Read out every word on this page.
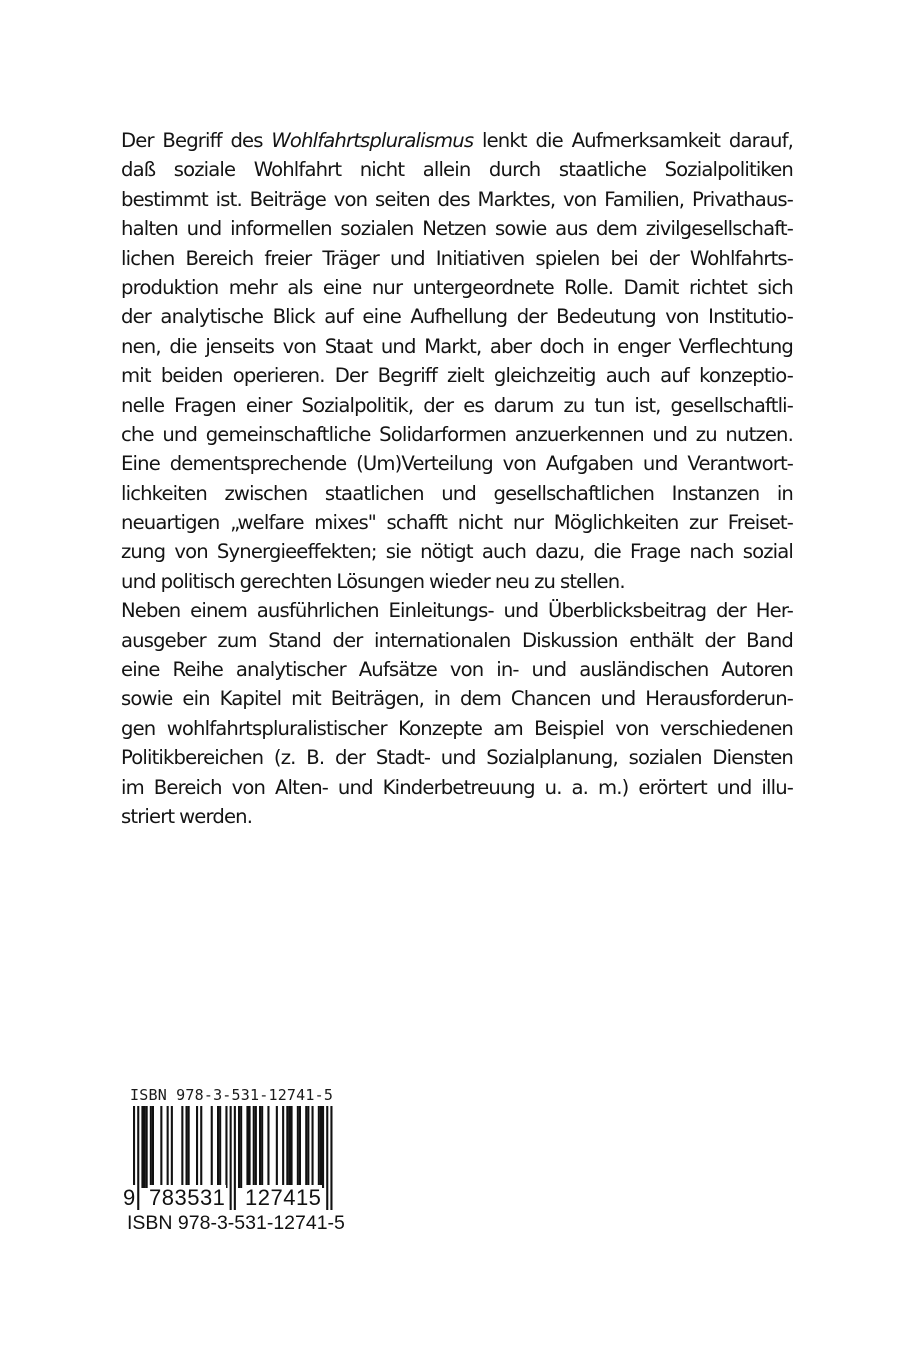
Der Begriff des Wohlfahrtspluralismus lenkt die Aufmerksamkeit darauf,
daß soziale Wohlfahrt nicht allein durch staatliche Sozialpolitiken
bestimmt ist. Beiträge von seiten des Marktes, von Familien, Privathaus-
halten und informellen sozialen Netzen sowie aus dem zivilgesellschaft-
lichen Bereich freier Träger und Initiativen spielen bei der Wohlfahrts-
produktion mehr als eine nur untergeordnete Rolle. Damit richtet sich
der analytische Blick auf eine Aufhellung der Bedeutung von Institutio-
nen, die jenseits von Staat und Markt, aber doch in enger Verflechtung
mit beiden operieren. Der Begriff zielt gleichzeitig auch auf konzeptio-
nelle Fragen einer Sozialpolitik, der es darum zu tun ist, gesellschaftli-
che und gemeinschaftliche Solidarformen anzuerkennen und zu nutzen.
Eine dementsprechende (Um)Verteilung von Aufgaben und Verantwort-
lichkeiten zwischen staatlichen und gesellschaftlichen Instanzen in
neuartigen „welfare mixes" schafft nicht nur Möglichkeiten zur Freiset-
zung von Synergieeffekten; sie nötigt auch dazu, die Frage nach sozial
und politisch gerechten Lösungen wieder neu zu stellen.
Neben einem ausführlichen Einleitungs- und Überblicksbeitrag der Her-
ausgeber zum Stand der internationalen Diskussion enthält der Band
eine Reihe analytischer Aufsätze von in- und ausländischen Autoren
sowie ein Kapitel mit Beiträgen, in dem Chancen und Herausforderun-
gen wohlfahrtspluralistischer Konzepte am Beispiel von verschiedenen
Politikbereichen (z. B. der Stadt- und Sozialplanung, sozialen Diensten
im Bereich von Alten- und Kinderbetreuung u. a. m.) erörtert und illu-
striert werden.
ISBN 978-3-531-12741-5
9 783531 127415
ISBN 978-3-531-12741-5
